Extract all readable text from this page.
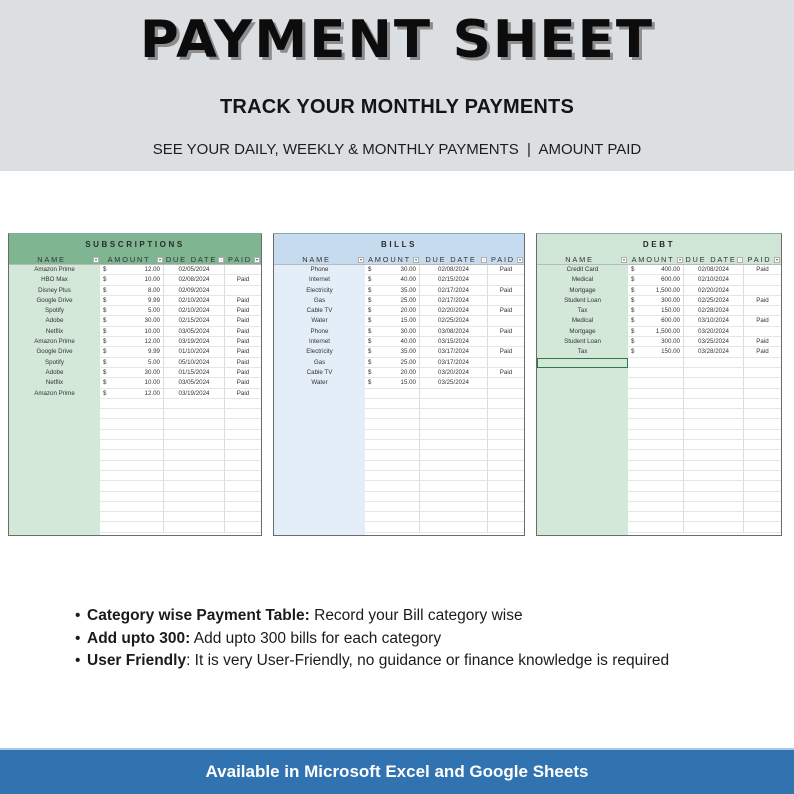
PAYMENT SHEET
TRACK YOUR MONTHLY PAYMENTS
SEE YOUR DAILY, WEEKLY & MONTHLY PAYMENTS  |  AMOUNT PAID
SUBSCRIPTIONS
NAME	▾	AMOUNT	▾ DUE DATE ↓ PAID	▾
Amazon Prime	$	12.00	02/05/2024
HBO Max	$	10.00	02/08/2024	Paid
Disney Plus	$	8.00	02/09/2024
Google Drive	$	9.99	02/10/2024	Paid
Spotify	$	5.00	02/10/2024	Paid
Adobe	$	30.00	02/15/2024	Paid
Netflix	$	10.00	03/05/2024	Paid
Amazon Prime	$	12.00	03/19/2024	Paid
Google Drive	$	9.99	01/10/2024	Paid
Spotify	$	5.00	05/10/2024	Paid
Adobe	$	30.00	01/15/2024	Paid
Netflix	$	10.00	03/05/2024	Paid
Amazon Prime	$	12.00	03/19/2024	Paid
BILLS
NAME	▾ AMOUNT	▾	DUE DATE	↓ PAID	▾
Phone	$	30.00	02/08/2024	Paid
Internet	$	40.00	02/15/2024
Electricity	$	35.00	02/17/2024	Paid
Gas	$	25.00	02/17/2024
Cable TV	$	20.00	02/20/2024	Paid
Water	$	15.00	02/25/2024
Phone	$	30.00	03/08/2024	Paid
Internet	$	40.00	03/15/2024
Electricity	$	35.00	03/17/2024	Paid
Gas	$	25.00	03/17/2024
Cable TV	$	20.00	03/20/2024	Paid
Water	$	15.00	03/25/2024
DEBT
NAME	▾ AMOUNT	▾ DUE DATE ↓ PAID	▾
Credit Card	$	400.00	02/08/2024	Paid
Medical	$	600.00	02/10/2024
Mortgage	$	1,500.00	02/20/2024
Student Loan	$	300.00	02/25/2024	Paid
Tax	$	150.00	02/28/2024
Medical	$	600.00	03/10/2024	Paid
Mortgage	$	1,500.00	03/20/2024
Student Loan	$	300.00	03/25/2024	Paid
Tax	$	150.00	03/28/2024	Paid
• Category wise Payment Table: Record your Bill category wise
• Add upto 300: Add upto 300 bills for each category
• User Friendly: It is very User-Friendly, no guidance or finance knowledge is required
Available in Microsoft Excel and Google Sheets
